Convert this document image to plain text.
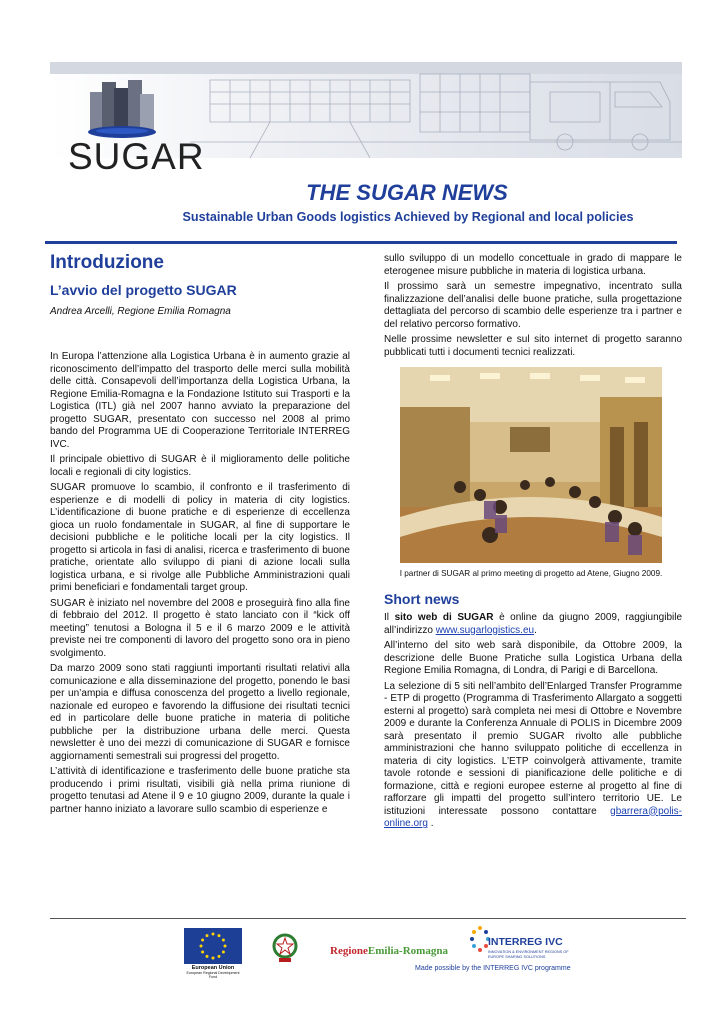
SUGAR
THE SUGAR NEWS
Sustainable Urban Goods logistics Achieved by Regional and local policies
Introduzione
L’avvio del progetto SUGAR
Andrea Arcelli, Regione Emilia Romagna

In Europa l’attenzione alla Logistica Urbana è in aumento grazie al riconoscimento dell’impatto del trasporto delle merci sulla mobilità delle città. Consapevoli dell’importanza della Logistica Urbana, la Regione Emilia-Romagna e la Fondazione Istituto sui Trasporti e la Logistica (ITL) già nel 2007 hanno avviato la preparazione del progetto SUGAR, presentato con successo nel 2008 al primo bando del Programma UE di Cooperazione Territoriale INTERREG IVC.

Il principale obiettivo di SUGAR è il miglioramento delle politiche locali e regionali di city logistics.

SUGAR promuove lo scambio, il confronto e il trasferimento di esperienze e di modelli di policy in materia di city logistics. L’identificazione di buone pratiche e di esperienze di eccellenza gioca un ruolo fondamentale in SUGAR, al fine di supportare le decisioni pubbliche e le politiche locali per la city logistics. Il progetto si articola in fasi di analisi, ricerca e trasferimento di buone pratiche, orientate allo sviluppo di piani di azione locali sulla logistica urbana, e si rivolge alle Pubbliche Amministrazioni quali primi beneficiari e fondamentali target group.

SUGAR è iniziato nel novembre del 2008 e proseguirà fino alla fine di febbraio del 2012. Il progetto è stato lanciato con il “kick off meeting” tenutosi a Bologna il 5 e il 6 marzo 2009 e le attività previste nei tre componenti di lavoro del progetto sono ora in pieno svolgimento.

Da marzo 2009 sono stati raggiunti importanti risultati relativi alla comunicazione e alla disseminazione del progetto, ponendo le basi per un’ampia e diffusa conoscenza del progetto a livello regionale, nazionale ed europeo e favorendo la diffusione dei risultati tecnici ed in particolare delle buone pratiche in materia di politiche pubbliche per la distribuzione urbana delle merci. Questa newsletter è uno dei mezzi di comunicazione di SUGAR e fornisce aggiornamenti semestrali sui progressi del progetto.

L’attività di identificazione e trasferimento delle buone pratiche sta producendo i primi risultati, visibili già nella prima riunione di progetto tenutasi ad Atene il 9 e 10 giugno 2009, durante la quale i partner hanno iniziato a lavorare sullo scambio di esperienze e

sullo sviluppo di un modello concettuale in grado di mappare le eterogenee misure pubbliche in materia di logistica urbana.

Il prossimo sarà un semestre impegnativo, incentrato sulla finalizzazione dell’analisi delle buone pratiche, sulla progettazione dettagliata del percorso di scambio delle esperienze tra i partner e del relativo percorso formativo.

Nelle prossime newsletter e sul sito internet di progetto saranno pubblicati tutti i documenti tecnici realizzati.

I partner di SUGAR al primo meeting di progetto ad Atene, Giugno 2009.
Short news

Il sito web di SUGAR è online da giugno 2009, raggiungibile all’indirizzo www.sugarlogistics.eu.

All’interno del sito web sarà disponibile, da Ottobre 2009, la descrizione delle Buone Pratiche sulla Logistica Urbana della Regione Emilia Romagna, di Londra, di Parigi e di Barcellona.

La selezione di 5 siti nell’ambito dell’Enlarged Transfer Programme - ETP di progetto (Programma di Trasferimento Allargato a soggetti esterni al progetto) sarà completa nei mesi di Ottobre e Novembre 2009 e durante la Conferenza Annuale di POLIS in Dicembre 2009 sarà presentato il premio SUGAR rivolto alle pubbliche amministrazioni che hanno sviluppato politiche di eccellenza in materia di city logistics. L’ETP coinvolgerà attivamente, tramite tavole rotonde e sessioni di pianificazione delle politiche e di formazione, città e regioni europee esterne al progetto al fine di rafforzare gli impatti del progetto sull’intero territorio UE. Le istituzioni interessate possono contattare gbarrera@polis-online.org .

European Union
European Regional Development Fund
RegioneEmilia-Romagna
INTERREG IVC
INNOVATION & ENVIRONMENT REGIONS OF EUROPE SHARING SOLUTIONS
Made possible by the INTERREG IVC programme
